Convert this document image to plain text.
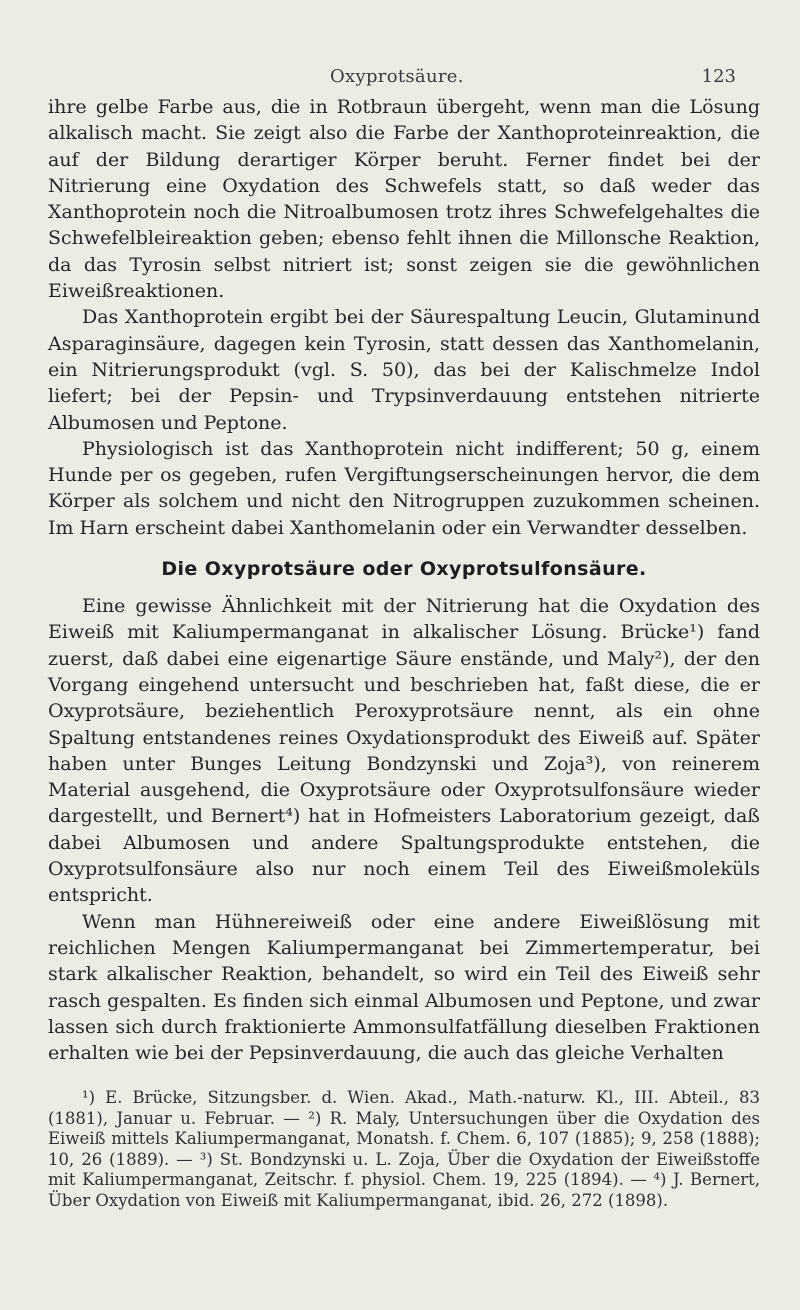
Oxyprotsäure.	123

ihre gelbe Farbe aus, die in Rotbraun übergeht, wenn man die Lösung alkalisch macht. Sie zeigt also die Farbe der Xanthoproteinreaktion, die auf der Bildung derartiger Körper beruht. Ferner findet bei der Nitrierung eine Oxydation des Schwefels statt, so daß weder das Xanthoprotein noch die Nitroalbumosen trotz ihres Schwefelgehaltes die Schwefelbleireaktion geben; ebenso fehlt ihnen die Millonsche Reaktion, da das Tyrosin selbst nitriert ist; sonst zeigen sie die gewöhnlichen Eiweißreaktionen.

Das Xanthoprotein ergibt bei der Säurespaltung Leucin, Glutaminund Asparaginsäure, dagegen kein Tyrosin, statt dessen das Xanthomelanin, ein Nitrierungsprodukt (vgl. S. 50), das bei der Kalischmelze Indol liefert; bei der Pepsin- und Trypsinverdauung entstehen nitrierte Albumosen und Peptone.

Physiologisch ist das Xanthoprotein nicht indifferent; 50 g, einem Hunde per os gegeben, rufen Vergiftungserscheinungen hervor, die dem Körper als solchem und nicht den Nitrogruppen zuzukommen scheinen. Im Harn erscheint dabei Xanthomelanin oder ein Verwandter desselben.

Die Oxyprotsäure oder Oxyprotsulfonsäure.

Eine gewisse Ähnlichkeit mit der Nitrierung hat die Oxydation des Eiweiß mit Kaliumpermanganat in alkalischer Lösung. Brücke¹) fand zuerst, daß dabei eine eigenartige Säure enstände, und Maly²), der den Vorgang eingehend untersucht und beschrieben hat, faßt diese, die er Oxyprotsäure, beziehentlich Peroxyprotsäure nennt, als ein ohne Spaltung entstandenes reines Oxydationsprodukt des Eiweiß auf. Später haben unter Bunges Leitung Bondzynski und Zoja³), von reinerem Material ausgehend, die Oxyprotsäure oder Oxyprotsulfonsäure wieder dargestellt, und Bernert⁴) hat in Hofmeisters Laboratorium gezeigt, daß dabei Albumosen und andere Spaltungsprodukte entstehen, die Oxyprotsulfonsäure also nur noch einem Teil des Eiweißmoleküls entspricht.

Wenn man Hühnereiweiß oder eine andere Eiweißlösung mit reichlichen Mengen Kaliumpermanganat bei Zimmertemperatur, bei stark alkalischer Reaktion, behandelt, so wird ein Teil des Eiweiß sehr rasch gespalten. Es finden sich einmal Albumosen und Peptone, und zwar lassen sich durch fraktionierte Ammonsulfatfällung dieselben Fraktionen erhalten wie bei der Pepsinverdauung, die auch das gleiche Verhalten

¹) E. Brücke, Sitzungsber. d. Wien. Akad., Math.-naturw. Kl., III. Abteil., 83 (1881), Januar u. Februar. — ²) R. Maly, Untersuchungen über die Oxydation des Eiweiß mittels Kaliumpermanganat, Monatsh. f. Chem. 6, 107 (1885); 9, 258 (1888); 10, 26 (1889). — ³) St. Bondzynski u. L. Zoja, Über die Oxydation der Eiweißstoffe mit Kaliumpermanganat, Zeitschr. f. physiol. Chem. 19, 225 (1894). — ⁴) J. Bernert, Über Oxydation von Eiweiß mit Kaliumpermanganat, ibid. 26, 272 (1898).
